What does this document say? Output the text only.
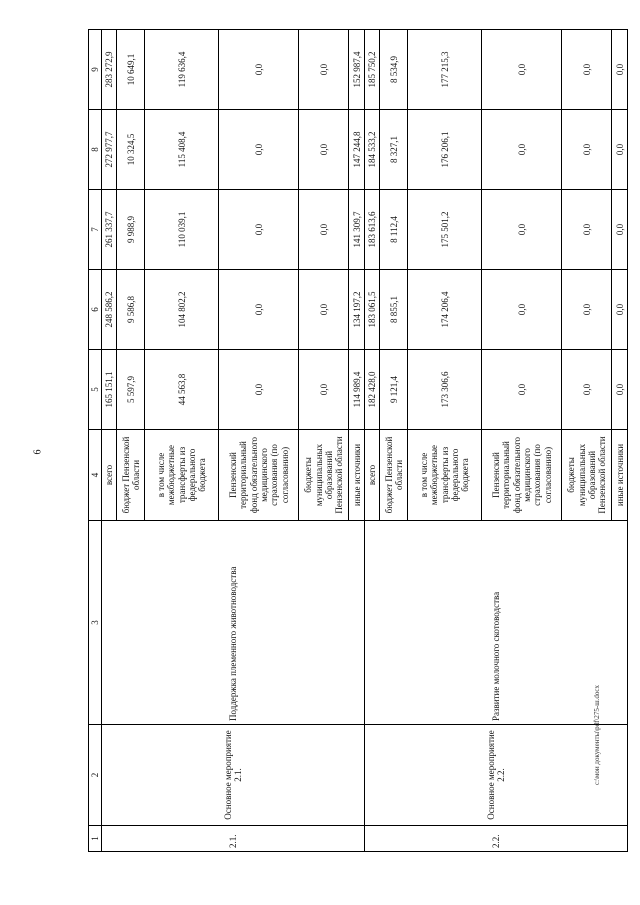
6
1	2	3	4	5	6	7	8	9
2.1.	Основное мероприятие 2.1.	Поддержка племенного животноводства	всего	165 151,1	248 586,2	261 337,7	272 977,7	283 272,9
			бюджет Пензенской области	5 597,9	9 586,8	9 988,9	10 324,5	10 649,1
			в том числе межбюджетные трансферты из федерального бюджета	44 563,8	104 802,2	110 039,1	115 408,4	119 636,4
			Пензенский территориальный фонд обязательного медицинского страхования (по согласованию)	0,0	0,0	0,0	0,0	0,0
			бюджеты муниципальных образований Пензенской области	0,0	0,0	0,0	0,0	0,0
			иные источники	114 989,4	134 197,2	141 309,7	147 244,8	152 987,4
2.2.	Основное мероприятие 2.2.	Развитие молочного скотоводства	всего	182 428,0	183 061,5	183 613,6	184 533,2	185 750,2
			бюджет Пензенской области	9 121,4	8 855,1	8 112,4	8 327,1	8 534,9
			в том числе межбюджетные трансферты из федерального бюджета	173 306,6	174 206,4	175 501,2	176 206,1	177 215,3
			Пензенский территориальный фонд обязательного медицинского страхования (по согласованию)	0,0	0,0	0,0	0,0	0,0
			бюджеты муниципальных образований Пензенской области	0,0	0,0	0,0	0,0	0,0
			иные источники	0,0	0,0	0,0	0,0	0,0
с:\мои документы\pdf\275-ш.docx
